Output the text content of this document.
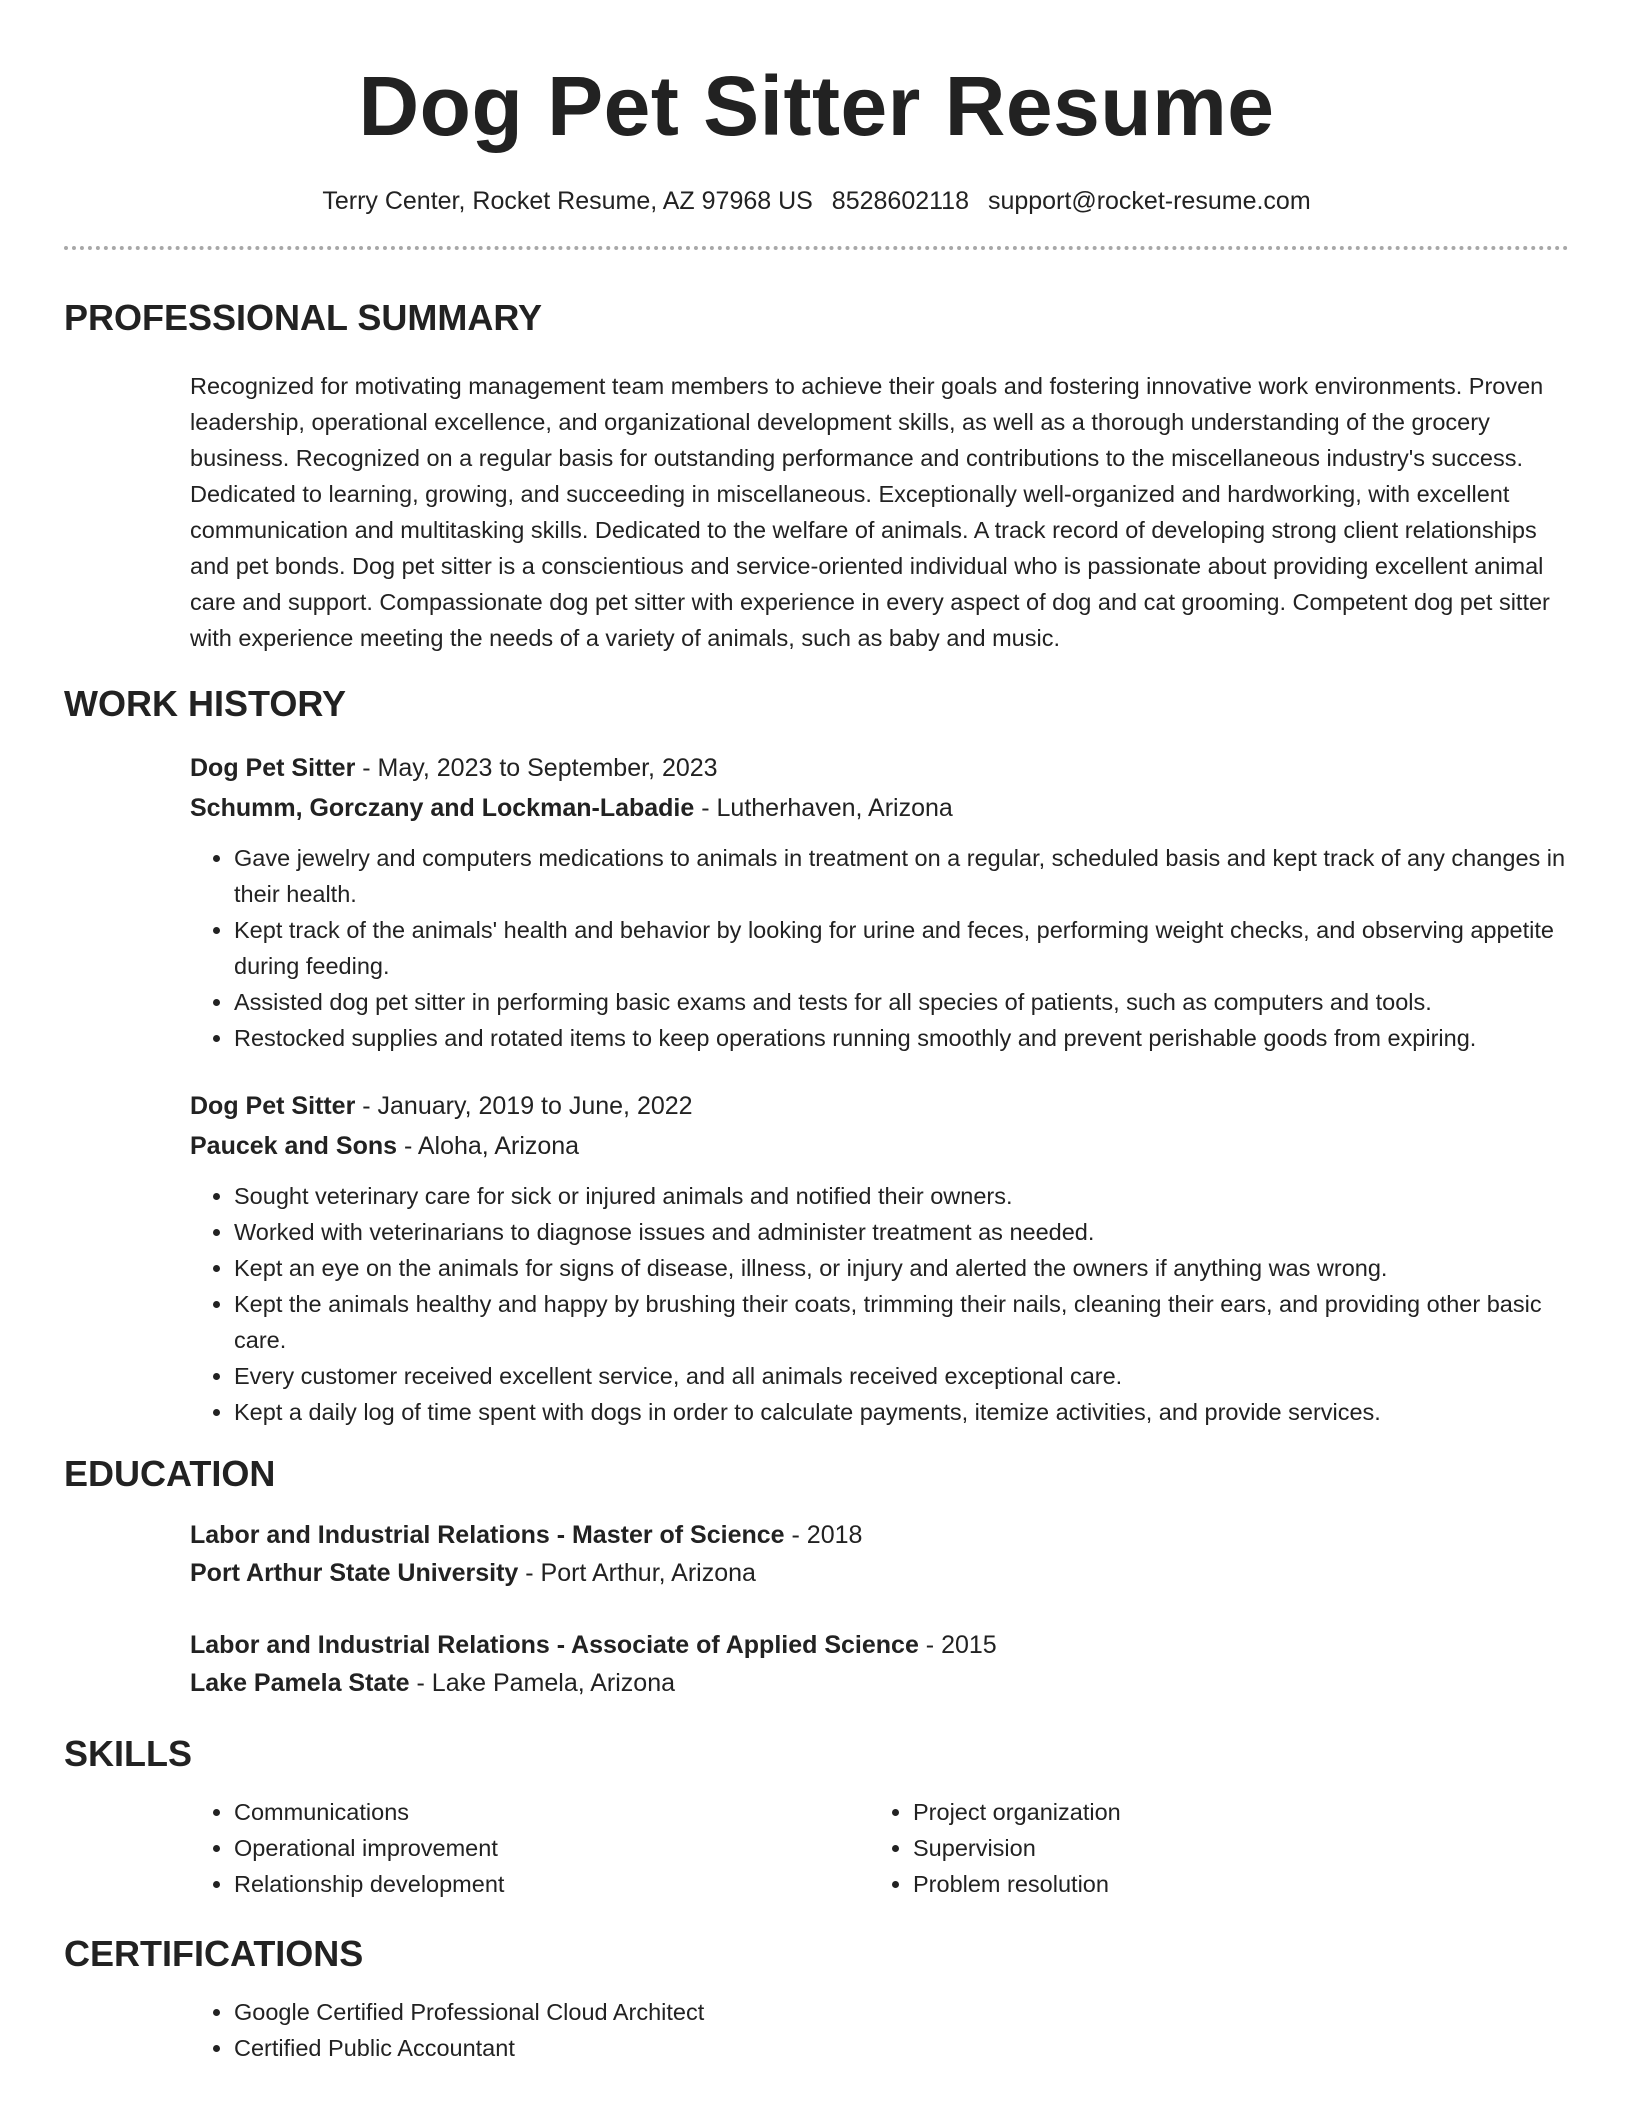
Dog Pet Sitter Resume
Terry Center, Rocket Resume, AZ 97968 US 8528602118 support@rocket-resume.com
PROFESSIONAL SUMMARY

Recognized for motivating management team members to achieve their goals and fostering innovative work environments. Proven leadership, operational excellence, and organizational development skills, as well as a thorough understanding of the grocery business. Recognized on a regular basis for outstanding performance and contributions to the miscellaneous industry's success. Dedicated to learning, growing, and succeeding in miscellaneous. Exceptionally well-organized and hardworking, with excellent communication and multitasking skills. Dedicated to the welfare of animals. A track record of developing strong client relationships and pet bonds. Dog pet sitter is a conscientious and service-oriented individual who is passionate about providing excellent animal care and support. Compassionate dog pet sitter with experience in every aspect of dog and cat grooming. Competent dog pet sitter with experience meeting the needs of a variety of animals, such as baby and music.

WORK HISTORY
Dog Pet Sitter - May, 2023 to September, 2023
Schumm, Gorczany and Lockman-Labadie - Lutherhaven, Arizona
• Gave jewelry and computers medications to animals in treatment on a regular, scheduled basis and kept track of any changes in their health.
• Kept track of the animals' health and behavior by looking for urine and feces, performing weight checks, and observing appetite during feeding.
• Assisted dog pet sitter in performing basic exams and tests for all species of patients, such as computers and tools.
• Restocked supplies and rotated items to keep operations running smoothly and prevent perishable goods from expiring.
Dog Pet Sitter - January, 2019 to June, 2022
Paucek and Sons - Aloha, Arizona
• Sought veterinary care for sick or injured animals and notified their owners.
• Worked with veterinarians to diagnose issues and administer treatment as needed.
• Kept an eye on the animals for signs of disease, illness, or injury and alerted the owners if anything was wrong.
• Kept the animals healthy and happy by brushing their coats, trimming their nails, cleaning their ears, and providing other basic care.
• Every customer received excellent service, and all animals received exceptional care.
• Kept a daily log of time spent with dogs in order to calculate payments, itemize activities, and provide services.
EDUCATION
Labor and Industrial Relations - Master of Science - 2018
Port Arthur State University - Port Arthur, Arizona
Labor and Industrial Relations - Associate of Applied Science - 2015
Lake Pamela State - Lake Pamela, Arizona
SKILLS
• Communications
• Operational improvement
• Relationship development
• Project organization
• Supervision
• Problem resolution
CERTIFICATIONS
• Google Certified Professional Cloud Architect
• Certified Public Accountant
